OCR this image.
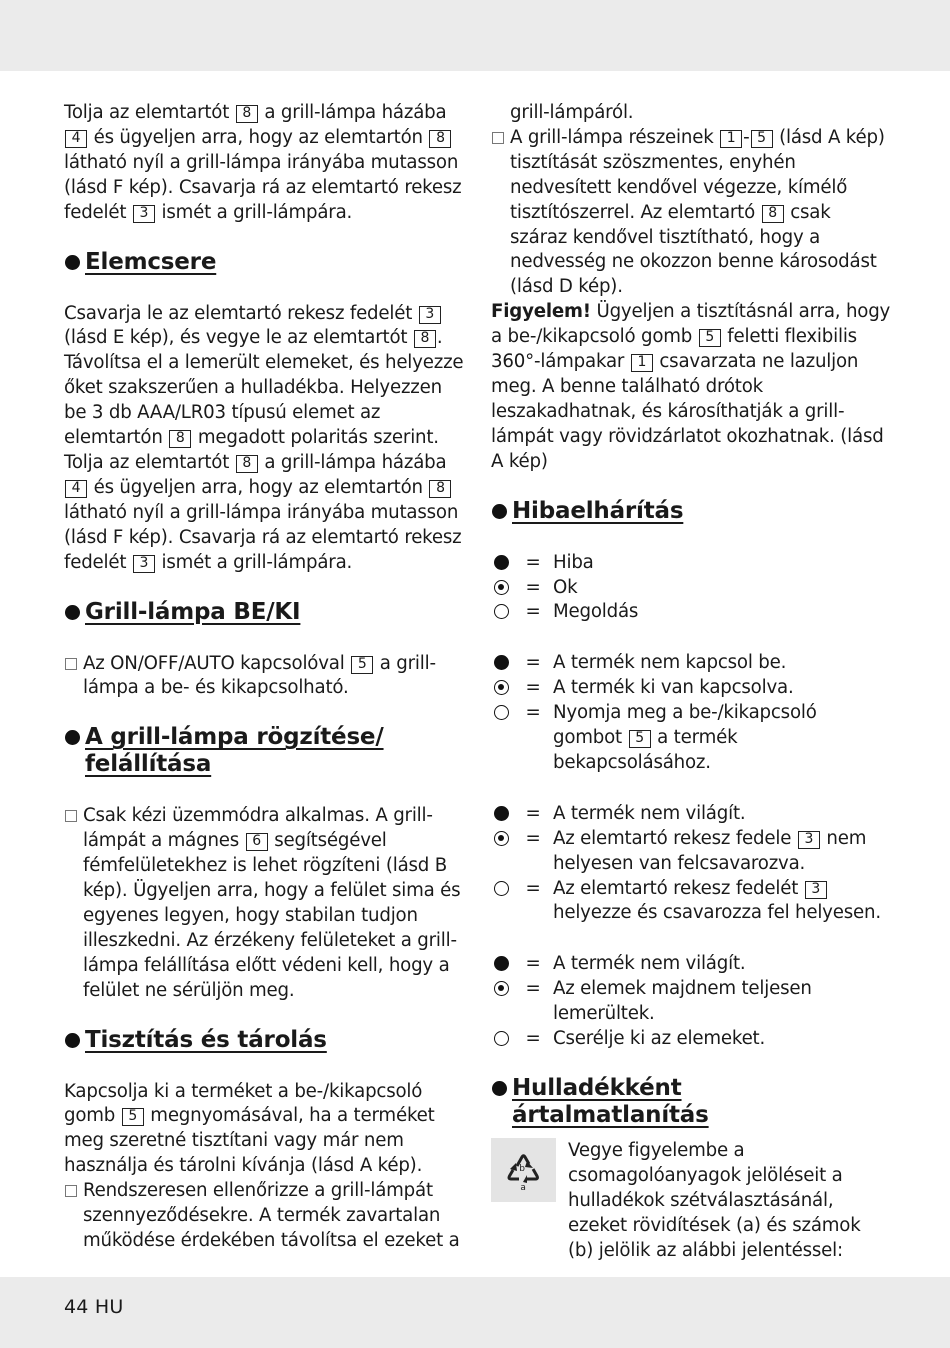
Tolja az elemtartót 8 a grill-lámpa házába 4 és ügyeljen arra, hogy az elemtartón 8 látható nyíl a grill-lámpa irányába mutasson (lásd F kép). Csavarja rá az elemtartó rekesz fedelét 3 ismét a grill-lámpára.

Elemcsere

Csavarja le az elemtartó rekesz fedelét 3 (lásd E kép), és vegye le az elemtartót 8 . Távolítsa el a lemerült elemeket, és helyezze őket szakszerűen a hulladékba. Helyezzen be 3 db AAA/LR03 típusú elemet az elemtartón 8 megadott polaritás szerint. Tolja az elemtartót 8 a grill-lámpa házába 4 és ügyeljen arra, hogy az elemtartón 8 látható nyíl a grill-lámpa irányába mutasson (lásd F kép). Csavarja rá az elemtartó rekesz fedelét 3 ismét a grill-lámpára.

Grill-lámpa BE/KI

Az ON/OFF/AUTO kapcsolóval 5 a grill-lámpa a be- és kikapcsolható.

A grill-lámpa rögzítése/
felállítása

Csak kézi üzemmódra alkalmas. A grill-lámpát a mágnes 6 segítségével fémfelületekhez is lehet rögzíteni (lásd B kép). Ügyeljen arra, hogy a felület sima és egyenes legyen, hogy stabilan tudjon illeszkedni. Az érzékeny felületeket a grill-lámpa felállítása előtt védeni kell, hogy a felület ne sérüljön meg.

Tisztítás és tárolás

Kapcsolja ki a terméket a be-/kikapcsoló gomb 5 megnyomásával, ha a terméket meg szeretné tisztítani vagy már nem használja és tárolni kívánja (lásd A kép).

Rendszeresen ellenőrizze a grill-lámpát szennyeződésekre. A termék zavartalan működése érdekében távolítsa el ezeket a

grill-lámpáról.

A grill-lámpa részeinek 1 - 5 (lásd A kép) tisztítását szöszmentes, enyhén nedvesített kendővel végezze, kímélő tisztítószerrel. Az elemtartó 8 csak száraz kendővel tisztítható, hogy a nedvesség ne okozzon benne károsodást (lásd D kép).

Figyelem! Ügyeljen a tisztításnál arra, hogy a be-/kikapcsoló gomb 5 feletti flexibilis 360°-lámpakar 1 csavarzata ne lazuljon meg. A benne található drótok leszakadhatnak, és károsíthatják a grill-lámpát vagy rövidzárlatot okozhatnak. (lásd A kép)

Hibaelhárítás
= Hiba
= Ok
= Megoldás
= A termék nem kapcsol be.
= A termék ki van kapcsolva.
= Nyomja meg a be-/kikapcsoló gombot 5 a termék bekapcsolásához.
= A termék nem világít.
= Az elemtartó rekesz fedele 3 nem helyesen van felcsavarozva.
= Az elemtartó rekesz fedelét 3 helyezze és csavarozza fel helyesen.
= A termék nem világít.
= Az elemek majdnem teljesen lemerültek.
= Cserélje ki az elemeket.
Hulladékként
ártalmatlanítás
b
a

Vegye figyelembe a csomagolóanyagok jelöléseit a hulladékok szétválasztásánál, ezeket rövidítések (a) és számok (b) jelölik az alábbi jelentéssel:

44 HU
